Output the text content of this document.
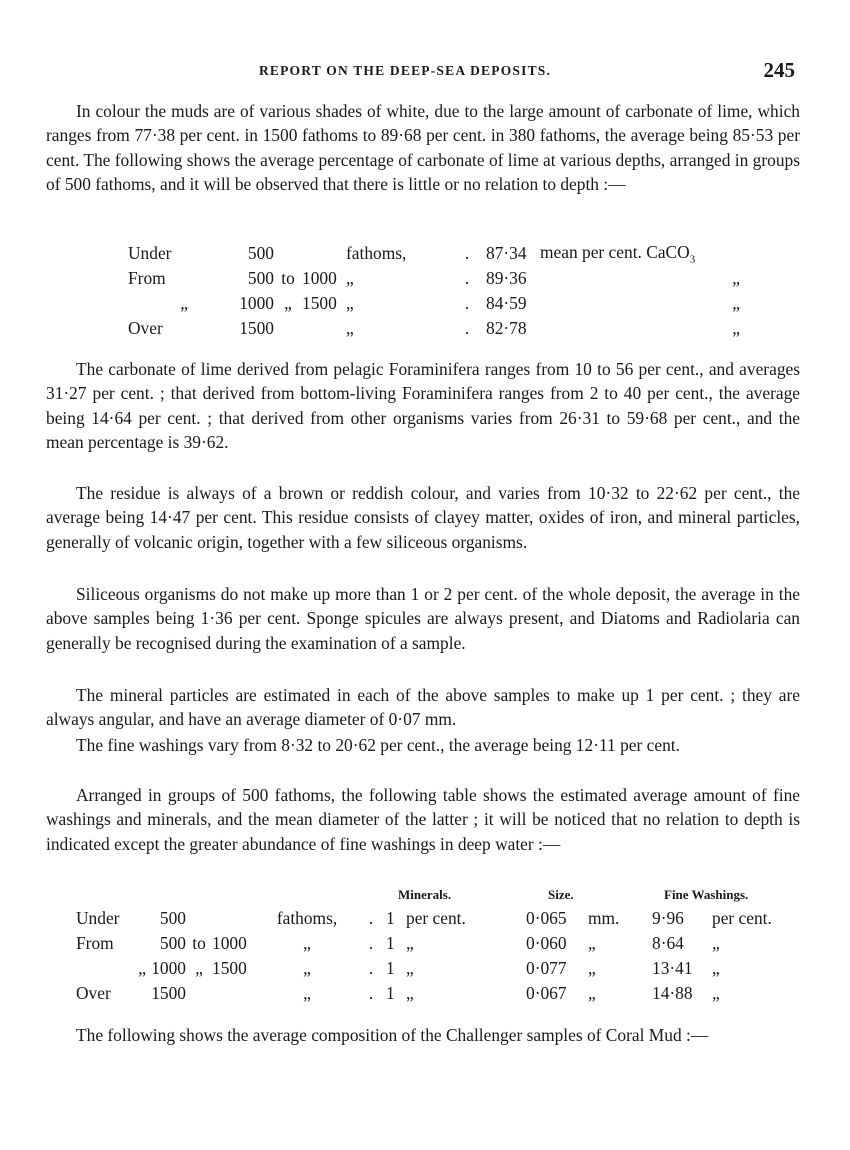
REPORT ON THE DEEP-SEA DEPOSITS.	245

In colour the muds are of various shades of white, due to the large amount of carbonate of lime, which ranges from 77·38 per cent. in 1500 fathoms to 89·68 per cent. in 380 fathoms, the average being 85·53 per cent. The following shows the average percentage of carbonate of lime at various depths, arranged in groups of 500 fathoms, and it will be observed that there is little or no relation to depth :—

Under	500			fathoms,	.	87·34	mean per cent. CaCO$_3$
From	500	to	1000	„	.	89·36	„
„	1000	„	1500	„	.	84·59	„
Over	1500			„	.	82·78	„

The carbonate of lime derived from pelagic Foraminifera ranges from 10 to 56 per cent., and averages 31·27 per cent. ; that derived from bottom-living Foraminifera ranges from 2 to 40 per cent., the average being 14·64 per cent. ; that derived from other organisms varies from 26·31 to 59·68 per cent., and the mean percentage is 39·62.

The residue is always of a brown or reddish colour, and varies from 10·32 to 22·62 per cent., the average being 14·47 per cent. This residue consists of clayey matter, oxides of iron, and mineral particles, generally of volcanic origin, together with a few siliceous organisms.

Siliceous organisms do not make up more than 1 or 2 per cent. of the whole deposit, the average in the above samples being 1·36 per cent. Sponge spicules are always present, and Diatoms and Radiolaria can generally be recognised during the examination of a sample.

The mineral particles are estimated in each of the above samples to make up 1 per cent. ; they are always angular, and have an average diameter of 0·07 mm.

The fine washings vary from 8·32 to 20·62 per cent., the average being 12·11 per cent.

Arranged in groups of 500 fathoms, the following table shows the estimated average amount of fine washings and minerals, and the mean diameter of the latter ; it will be noticed that no relation to depth is indicated except the greater abundance of fine washings in deep water :—

Minerals.	Size.	Fine Washings.
Under	500			fathoms,	.	1	per cent.	0·065	mm.	9·96	per cent.
From	500	to	1000	„	.	1	„	0·060	„	8·64	„
„	1000	„	1500	„	.	1	„	0·077	„	13·41	„
Over	1500			„	.	1	„	0·067	„	14·88	„

The following shows the average composition of the Challenger samples of Coral Mud :—
